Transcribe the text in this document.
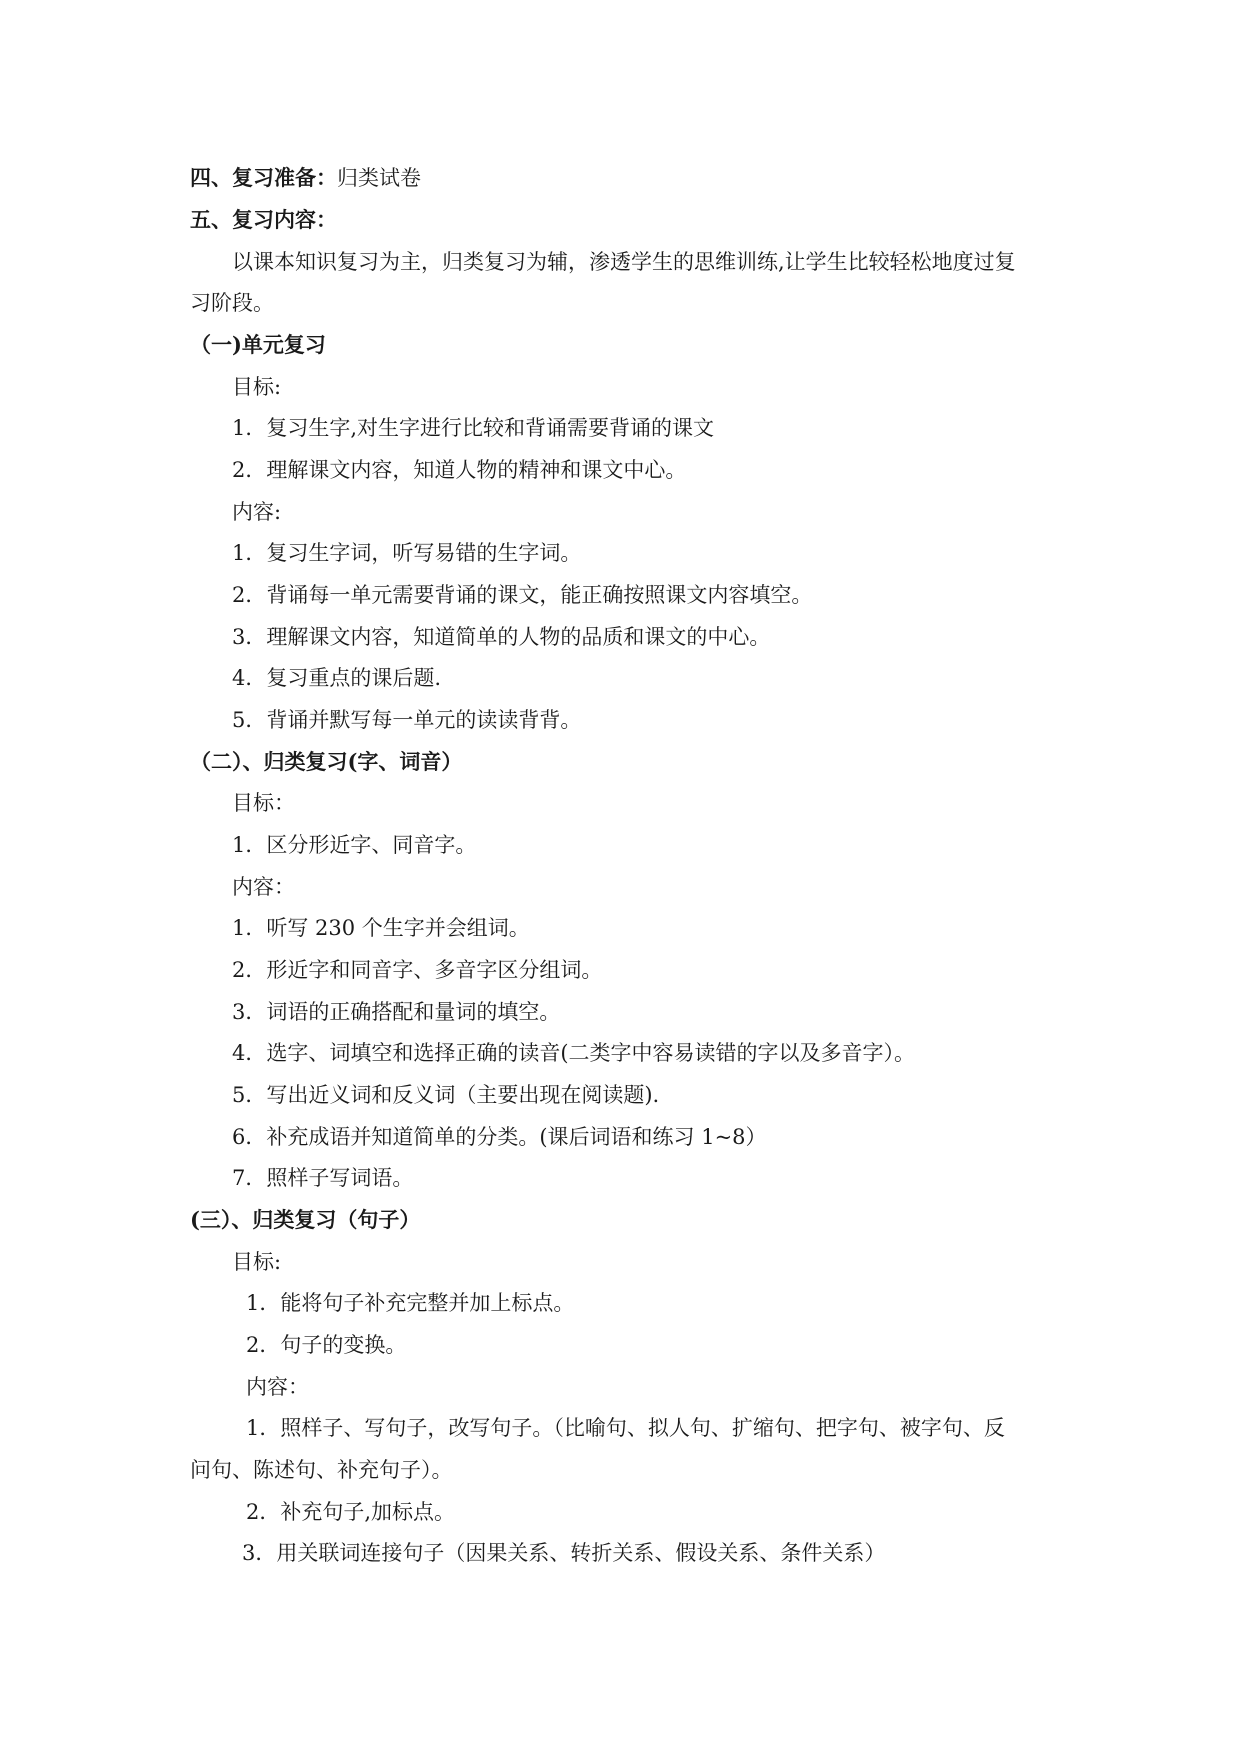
四、复习准备：归类试卷
五、复习内容：
以课本知识复习为主，归类复习为辅，渗透学生的思维训练,让学生比较轻松地度过复
习阶段。
（一)单元复习
目标:
1．复习生字,对生字进行比较和背诵需要背诵的课文
2．理解课文内容，知道人物的精神和课文中心。
内容:
1．复习生字词，听写易错的生字词。
2．背诵每一单元需要背诵的课文，能正确按照课文内容填空。
3．理解课文内容，知道简单的人物的品质和课文的中心。
4．复习重点的课后题.
5．背诵并默写每一单元的读读背背。
（二）、归类复习(字、词音）
目标：
1．区分形近字、同音字。
内容：
1．听写 230 个生字并会组词。
2．形近字和同音字、多音字区分组词。
3．词语的正确搭配和量词的填空。
4．选字、词填空和选择正确的读音(二类字中容易读错的字以及多音字）。
5．写出近义词和反义词（主要出现在阅读题).
6．补充成语并知道简单的分类。(课后词语和练习 1~8）
7．照样子写词语。
(三）、归类复习（句子）
目标:
1．能将句子补充完整并加上标点。
2．句子的变换。
内容：
1．照样子、写句子，改写句子。（比喻句、拟人句、扩缩句、把字句、被字句、反
问句、陈述句、补充句子）。
2．补充句子,加标点。
3．用关联词连接句子（因果关系、转折关系、假设关系、条件关系）
